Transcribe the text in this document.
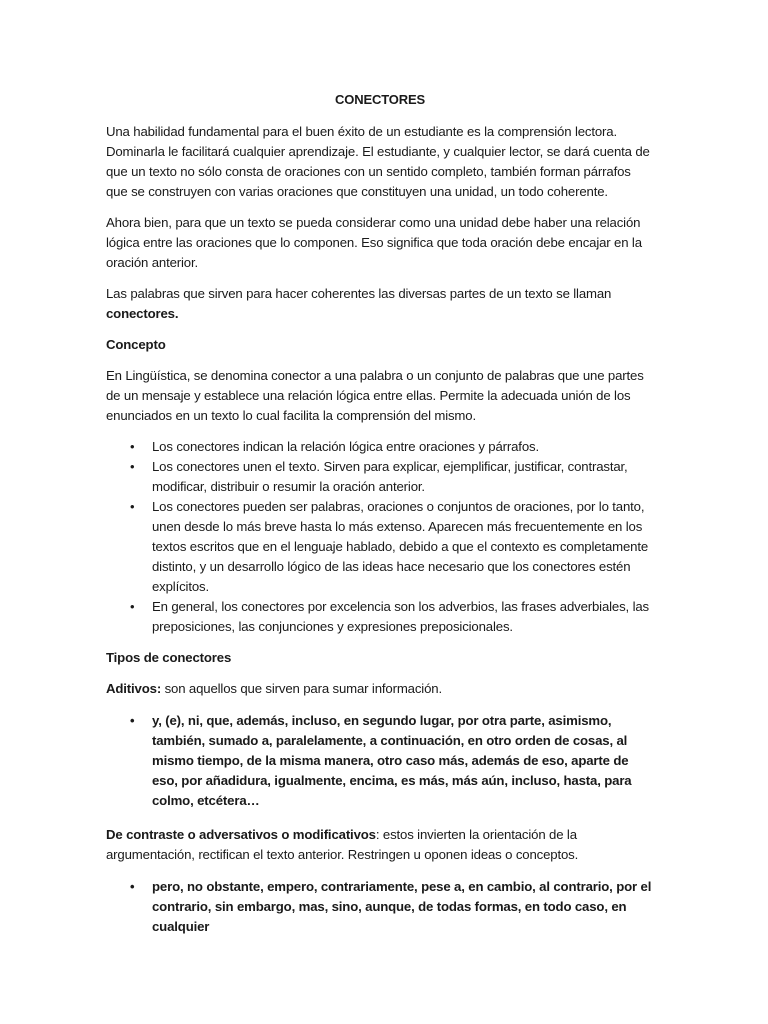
CONECTORES

Una habilidad fundamental para el buen éxito de un estudiante es la comprensión lectora. Dominarla le facilitará cualquier aprendizaje. El estudiante, y cualquier lector, se dará cuenta de que un texto no sólo consta de oraciones con un sentido completo, también forman párrafos que se construyen con varias oraciones que constituyen una unidad, un todo coherente.

Ahora bien, para que un texto se pueda considerar como una unidad debe haber una relación lógica entre las oraciones que lo componen. Eso significa que toda oración debe encajar en la oración anterior.

Las palabras que sirven para hacer coherentes las diversas partes de un texto se llaman conectores.

Concepto

En Lingüística, se denomina conector a una palabra o un conjunto de palabras que une partes de un mensaje y establece una relación lógica entre ellas. Permite la adecuada unión de los enunciados en un texto lo cual facilita la comprensión del mismo.

• Los conectores indican la relación lógica entre oraciones y párrafos.
• Los conectores unen el texto. Sirven para explicar, ejemplificar, justificar, contrastar, modificar, distribuir o resumir la oración anterior.
• Los conectores pueden ser palabras, oraciones o conjuntos de oraciones, por lo tanto, unen desde lo más breve hasta lo más extenso. Aparecen más frecuentemente en los textos escritos que en el lenguaje hablado, debido a que el contexto es completamente distinto, y un desarrollo lógico de las ideas hace necesario que los conectores estén explícitos.
• En general, los conectores por excelencia son los adverbios, las frases adverbiales, las preposiciones, las conjunciones y expresiones preposicionales.
Tipos de conectores

Aditivos: son aquellos que sirven para sumar información.

• y, (e), ni, que, además, incluso, en segundo lugar, por otra parte, asimismo, también, sumado a, paralelamente, a continuación, en otro orden de cosas, al mismo tiempo, de la misma manera, otro caso más, además de eso, aparte de eso, por añadidura, igualmente, encima, es más, más aún, incluso, hasta, para colmo, etcétera…

De contraste o adversativos o modificativos: estos invierten la orientación de la argumentación, rectifican el texto anterior. Restringen u oponen ideas o conceptos.

• pero, no obstante, empero, contrariamente, pese a, en cambio, al contrario, por el contrario, sin embargo, mas, sino, aunque, de todas formas, en todo caso, en cualquier
